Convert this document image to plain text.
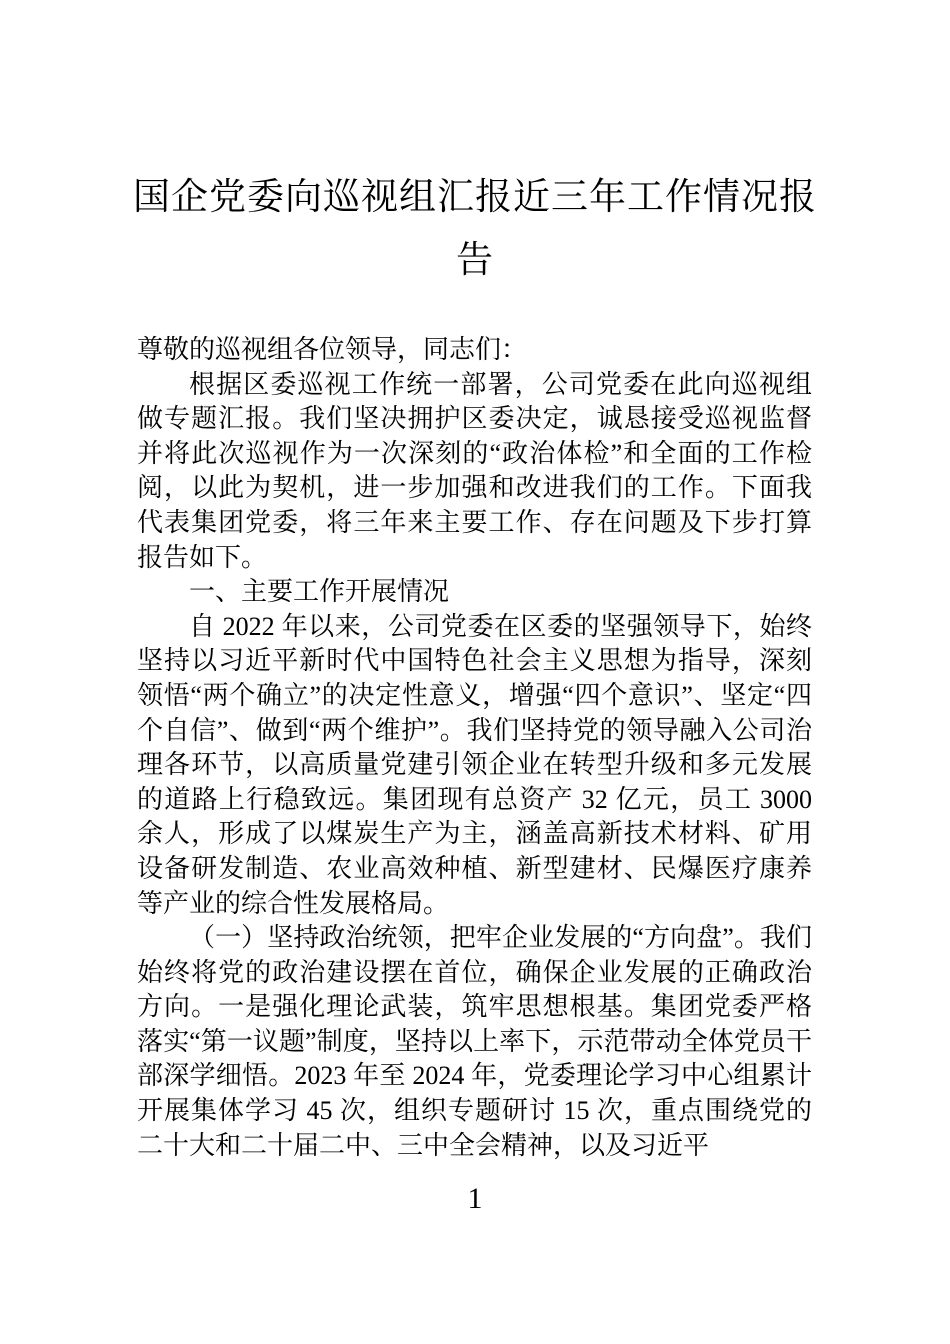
国企党委向巡视组汇报近三年工作情况报
告

尊敬的巡视组各位领导，同志们：

根据区委巡视工作统一部署，公司党委在此向巡视组做专题汇报。我们坚决拥护区委决定，诚恳接受巡视监督并将此次巡视作为一次深刻的“政治体检”和全面的工作检阅，以此为契机，进一步加强和改进我们的工作。下面我代表集团党委，将三年来主要工作、存在问题及下步打算报告如下。

一、主要工作开展情况

自 2022 年以来，公司党委在区委的坚强领导下，始终坚持以习近平新时代中国特色社会主义思想为指导，深刻领悟“两个确立”的决定性意义，增强“四个意识”、坚定“四个自信”、做到“两个维护”。我们坚持党的领导融入公司治理各环节，以高质量党建引领企业在转型升级和多元发展的道路上行稳致远。集团现有总资产 32 亿元，员工 3000 余人，形成了以煤炭生产为主，涵盖高新技术材料、矿用设备研发制造、农业高效种植、新型建材、民爆医疗康养等产业的综合性发展格局。

（一）坚持政治统领，把牢企业发展的“方向盘”。我们始终将党的政治建设摆在首位，确保企业发展的正确政治方向。一是强化理论武装，筑牢思想根基。集团党委严格落实“第一议题”制度，坚持以上率下，示范带动全体党员干部深学细悟。2023 年至 2024 年，党委理论学习中心组累计开展集体学习 45 次，组织专题研讨 15 次，重点围绕党的二十大和二十届二中、三中全会精神，以及习近平

1
